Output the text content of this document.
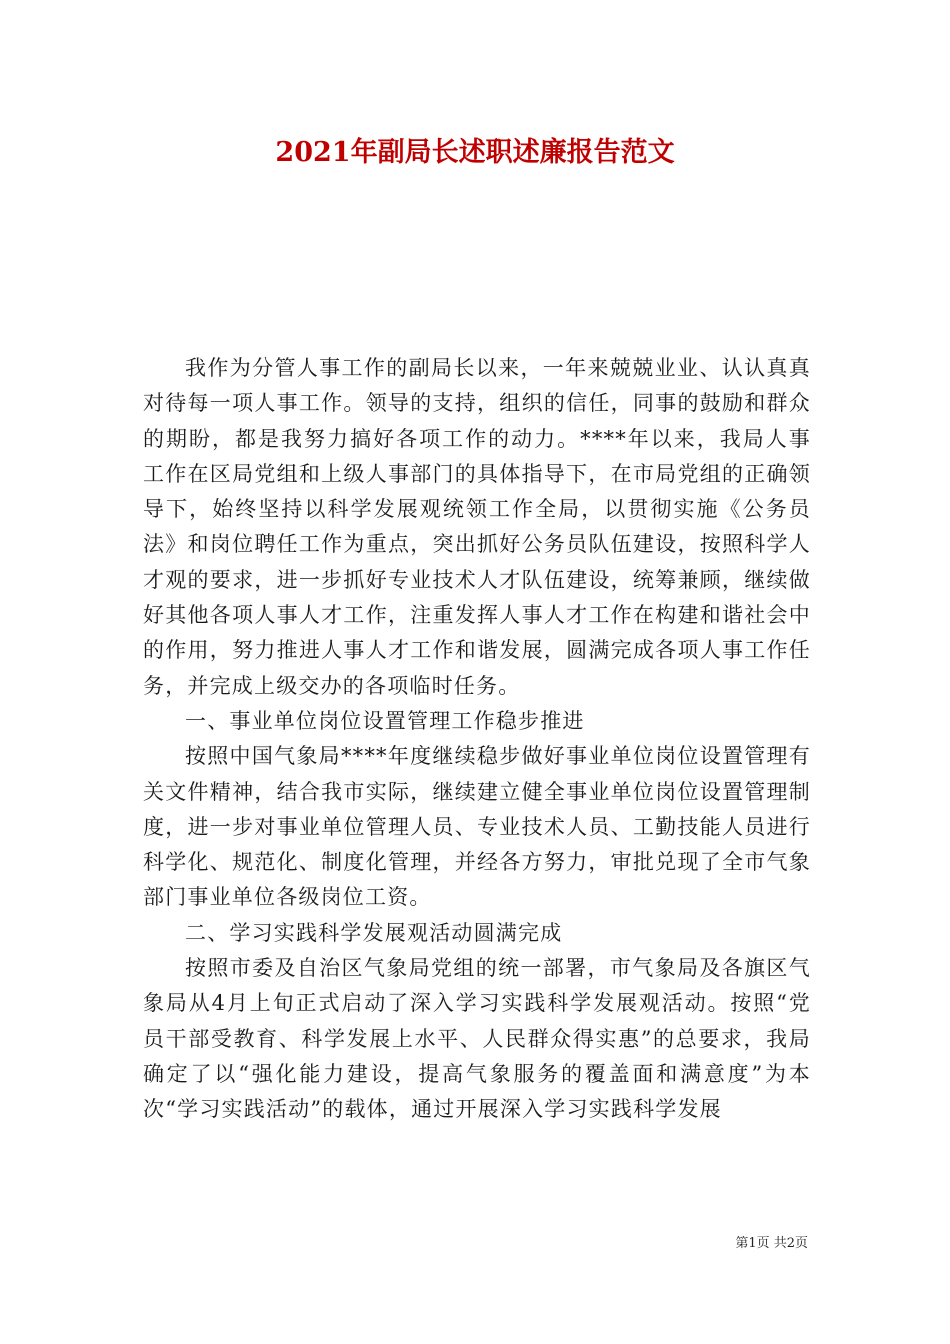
2021年副局长述职述廉报告范文

我作为分管人事工作的副局长以来，一年来兢兢业业、认认真真对待每一项人事工作。领导的支持，组织的信任，同事的鼓励和群众的期盼，都是我努力搞好各项工作的动力。****年以来，我局人事工作在区局党组和上级人事部门的具体指导下，在市局党组的正确领导下，始终坚持以科学发展观统领工作全局，以贯彻实施《公务员法》和岗位聘任工作为重点，突出抓好公务员队伍建设，按照科学人才观的要求，进一步抓好专业技术人才队伍建设，统筹兼顾，继续做好其他各项人事人才工作，注重发挥人事人才工作在构建和谐社会中的作用，努力推进人事人才工作和谐发展，圆满完成各项人事工作任务，并完成上级交办的各项临时任务。

一、事业单位岗位设置管理工作稳步推进

按照中国气象局****年度继续稳步做好事业单位岗位设置管理有关文件精神，结合我市实际，继续建立健全事业单位岗位设置管理制度，进一步对事业单位管理人员、专业技术人员、工勤技能人员进行科学化、规范化、制度化管理，并经各方努力，审批兑现了全市气象部门事业单位各级岗位工资。

二、学习实践科学发展观活动圆满完成

按照市委及自治区气象局党组的统一部署，市气象局及各旗区气象局从4月上旬正式启动了深入学习实践科学发展观活动。按照“党员干部受教育、科学发展上水平、人民群众得实惠”的总要求，我局确定了以“强化能力建设，提高气象服务的覆盖面和满意度”为本次“学习实践活动”的载体，通过开展深入学习实践科学发展

第1页 共2页
